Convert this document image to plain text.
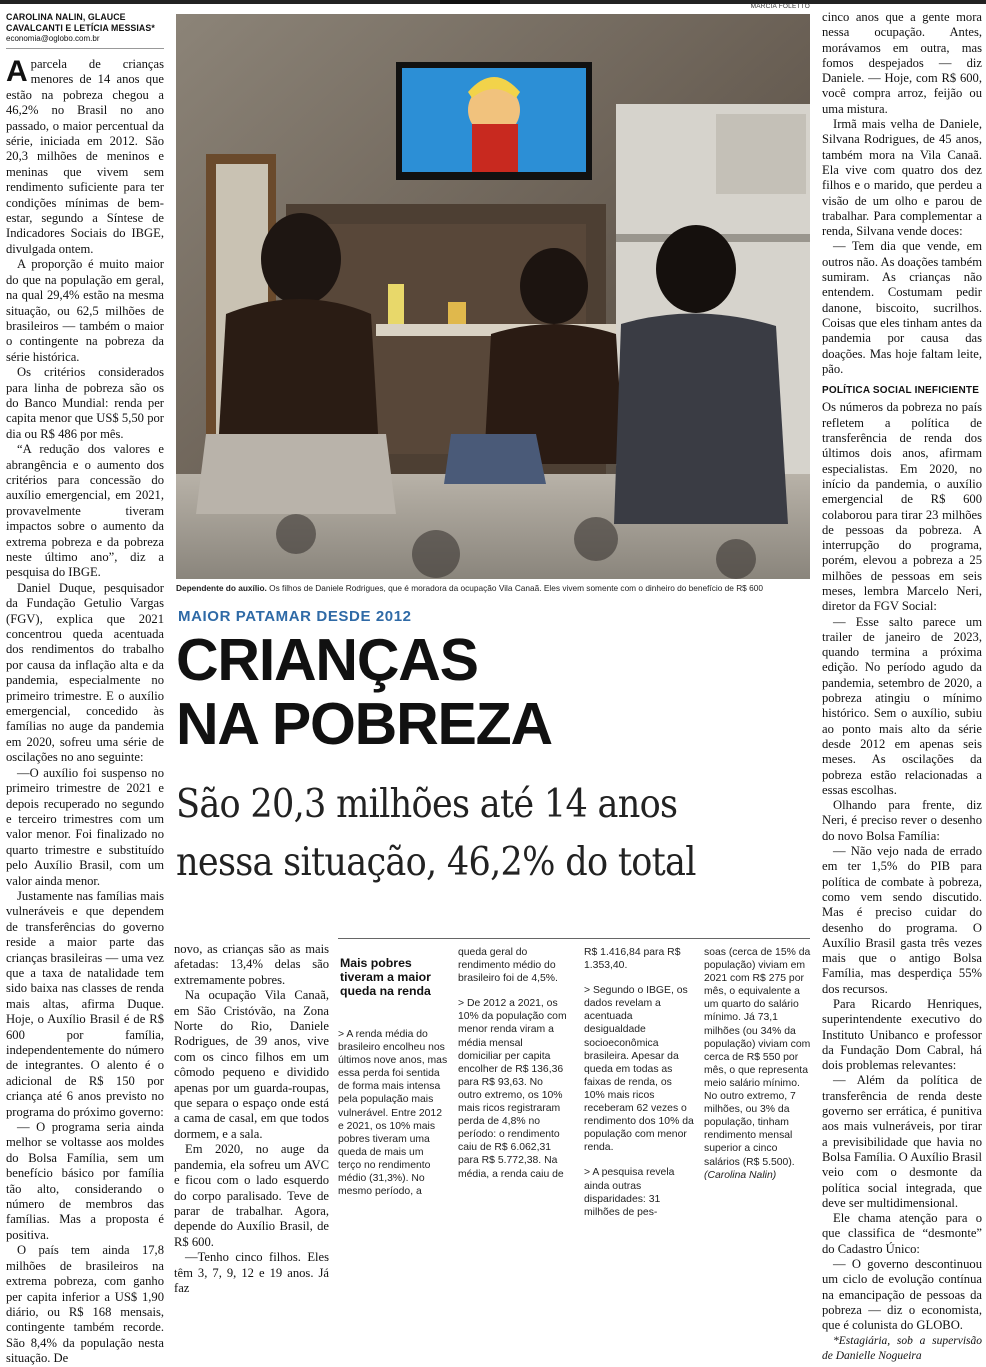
CAROLINA NALIN, GLAUCE CAVALCANTI E LETÍCIA MESSIAS*
economia@oglobo.com.br

Aparcela de crianças menores de 14 anos que estão na pobreza chegou a 46,2% no Brasil no ano passado, o maior percentual da série, iniciada em 2012. São 20,3 milhões de meninos e meninas que vivem sem rendimento suficiente para ter condições mínimas de bem-estar, segundo a Síntese de Indicadores Sociais do IBGE, divulgada ontem.

A proporção é muito maior do que na população em geral, na qual 29,4% estão na mesma situação, ou 62,5 milhões de brasileiros — também o maior o contingente na pobreza da série histórica.

Os critérios considerados para linha de pobreza são os do Banco Mundial: renda per capita menor que US$ 5,50 por dia ou R$ 486 por mês.

“A redução dos valores e abrangência e o aumento dos critérios para concessão do auxílio emergencial, em 2021, provavelmente tiveram impactos sobre o aumento da extrema pobreza e da pobreza neste último ano”, diz a pesquisa do IBGE.

Daniel Duque, pesquisador da Fundação Getulio Vargas (FGV), explica que 2021 concentrou queda acentuada dos rendimentos do trabalho por causa da inflação alta e da pandemia, especialmente no primeiro trimestre. E o auxílio emergencial, concedido às famílias no auge da pandemia em 2020, sofreu uma série de oscilações no ano seguinte:

—O auxílio foi suspenso no primeiro trimestre de 2021 e depois recuperado no segundo e terceiro trimestres com um valor menor. Foi finalizado no quarto trimestre e substituído pelo Auxílio Brasil, com um valor ainda menor.

Justamente nas famílias mais vulneráveis e que dependem de transferências do governo reside a maior parte das crianças brasileiras — uma vez que a taxa de natalidade tem sido baixa nas classes de renda mais altas, afirma Duque. Hoje, o Auxílio Brasil é de R$ 600 por família, independentemente do número de integrantes. O alento é o adicional de R$ 150 por criança até 6 anos previsto no programa do próximo governo:

— O programa seria ainda melhor se voltasse aos moldes do Bolsa Família, sem um benefício básico por família tão alto, considerando o número de membros das famílias. Mas a proposta é positiva.

O país tem ainda 17,8 milhões de brasileiros na extrema pobreza, com ganho per capita inferior a US$ 1,90 diário, ou R$ 168 mensais, contingente também recorde. São 8,4% da população nesta situação. De

MARCIA FOLETTO
Dependente do auxílio. Os filhos de Daniele Rodrigues, que é moradora da ocupação Vila Canaã. Eles vivem somente com o dinheiro do benefício de R$ 600
MAIOR PATAMAR DESDE 2012
CRIANÇAS
NA POBREZA
São 20,3 milhões até 14 anos
nessa situação, 46,2% do total

novo, as crianças são as mais afetadas: 13,4% delas são extremamente pobres.

Na ocupação Vila Canaã, em São Cristóvão, na Zona Norte do Rio, Daniele Rodrigues, de 39 anos, vive com os cinco filhos em um cômodo pequeno e dividido apenas por um guarda-roupas, que separa o espaço onde está a cama de casal, em que todos dormem, e a sala.

Em 2020, no auge da pandemia, ela sofreu um AVC e ficou com o lado esquerdo do corpo paralisado. Teve de parar de trabalhar. Agora, depende do Auxílio Brasil, de R$ 600.

—Tenho cinco filhos. Eles têm 3, 7, 9, 12 e 19 anos. Já faz

Mais pobres tiveram a maior queda na renda

> A renda média do brasileiro encolheu nos últimos nove anos, mas essa perda foi sentida de forma mais intensa pela população mais vulnerável. Entre 2012 e 2021, os 10% mais pobres tiveram uma queda de mais um terço no rendimento médio (31,3%). No mesmo período, a

queda geral do rendimento médio do brasileiro foi de 4,5%.

> De 2012 a 2021, os 10% da população com menor renda viram a média mensal domiciliar per capita encolher de R$ 136,36 para R$ 93,63. No outro extremo, os 10% mais ricos registraram perda de 4,8% no período: o rendimento caiu de R$ 6.062,31 para R$ 5.772,38. Na média, a renda caiu de

R$ 1.416,84 para R$ 1.353,40.

> Segundo o IBGE, os dados revelam a acentuada desigualdade socioeconômica brasileira. Apesar da queda em todas as faixas de renda, os 10% mais ricos receberam 62 vezes o rendimento dos 10% da população com menor renda.

> A pesquisa revela ainda outras disparidades: 31 milhões de pes-

soas (cerca de 15% da população) viviam em 2021 com R$ 275 por mês, o equivalente a um quarto do salário mínimo. Já 73,1 milhões (ou 34% da população) viviam com cerca de R$ 550 por mês, o que representa meio salário mínimo. No outro extremo, 7 milhões, ou 3% da população, tinham rendimento mensal superior a cinco salários (R$ 5.500). (Carolina Nalin)

cinco anos que a gente mora nessa ocupação. Antes, morávamos em outra, mas fomos despejados — diz Daniele. — Hoje, com R$ 600, você compra arroz, feijão ou uma mistura.

Irmã mais velha de Daniele, Silvana Rodrigues, de 45 anos, também mora na Vila Canaã. Ela vive com quatro dos dez filhos e o marido, que perdeu a visão de um olho e parou de trabalhar. Para complementar a renda, Silvana vende doces:

— Tem dia que vende, em outros não. As doações também sumiram. As crianças não entendem. Costumam pedir danone, biscoito, sucrilhos. Coisas que eles tinham antes da pandemia por causa das doações. Mas hoje faltam leite, pão.

POLÍTICA SOCIAL INEFICIENTE

Os números da pobreza no país refletem a política de transferência de renda dos últimos dois anos, afirmam especialistas. Em 2020, no início da pandemia, o auxílio emergencial de R$ 600 colaborou para tirar 23 milhões de pessoas da pobreza. A interrupção do programa, porém, elevou a pobreza a 25 milhões de pessoas em seis meses, lembra Marcelo Neri, diretor da FGV Social:

— Esse salto parece um trailer de janeiro de 2023, quando termina a próxima edição. No período agudo da pandemia, setembro de 2020, a pobreza atingiu o mínimo histórico. Sem o auxílio, subiu ao ponto mais alto da série desde 2012 em apenas seis meses. As oscilações da pobreza estão relacionadas a essas escolhas.

Olhando para frente, diz Neri, é preciso rever o desenho do novo Bolsa Família:

— Não vejo nada de errado em ter 1,5% do PIB para política de combate à pobreza, como vem sendo discutido. Mas é preciso cuidar do desenho do programa. O Auxílio Brasil gasta três vezes mais que o antigo Bolsa Família, mas desperdiça 55% dos recursos.

Para Ricardo Henriques, superintendente executivo do Instituto Unibanco e professor da Fundação Dom Cabral, há dois problemas relevantes:

— Além da política de transferência de renda deste governo ser errática, é punitiva aos mais vulneráveis, por tirar a previsibilidade que havia no Bolsa Família. O Auxílio Brasil veio com o desmonte da política social integrada, que deve ser multidimensional.

Ele chama atenção para o que classifica de “desmonte” do Cadastro Único:

— O governo descontinuou um ciclo de evolução contínua na emancipação de pessoas da pobreza — diz o economista, que é colunista do GLOBO.

*Estagiária, sob a supervisão de Danielle Nogueira
